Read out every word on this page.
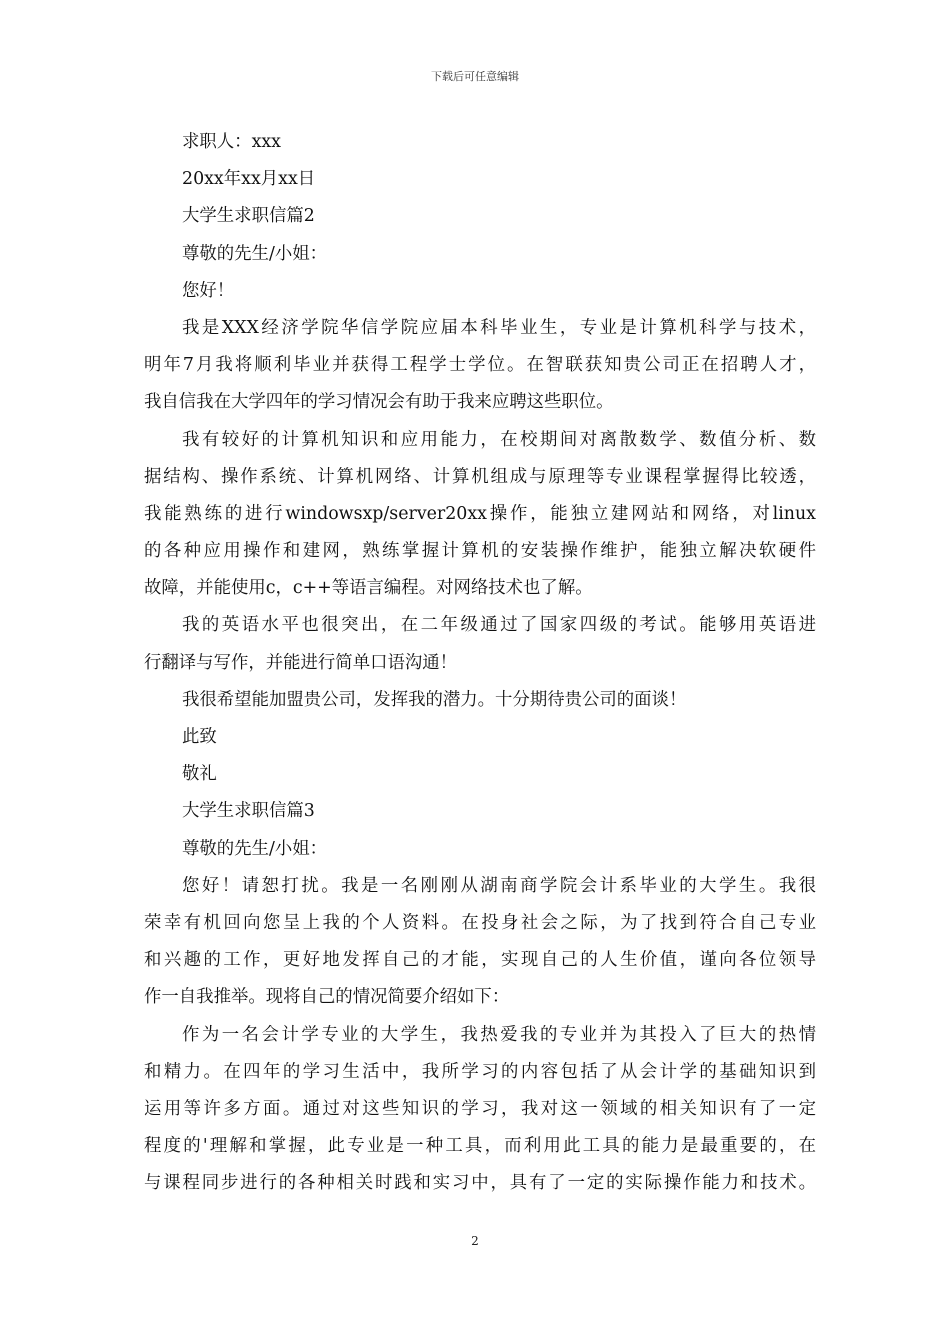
下载后可任意编辑
求职人：xxx
20xx年xx月xx日
大学生求职信篇2
尊敬的先生/小姐：
您好！
我是XXX经济学院华信学院应届本科毕业生，专业是计算机科学与技术，
明年7月我将顺利毕业并获得工程学士学位。在智联获知贵公司正在招聘人才，
我自信我在大学四年的学习情况会有助于我来应聘这些职位。
我有较好的计算机知识和应用能力，在校期间对离散数学、数值分析、数
据结构、操作系统、计算机网络、计算机组成与原理等专业课程掌握得比较透，
我能熟练的进行windowsxp/server20xx操作，能独立建网站和网络，对linux
的各种应用操作和建网，熟练掌握计算机的安装操作维护，能独立解决软硬件
故障，并能使用c，c++等语言编程。对网络技术也了解。
我的英语水平也很突出，在二年级通过了国家四级的考试。能够用英语进
行翻译与写作，并能进行简单口语沟通！
我很希望能加盟贵公司，发挥我的潜力。十分期待贵公司的面谈！
此致
敬礼
大学生求职信篇3
尊敬的先生/小姐：
您好！请恕打扰。我是一名刚刚从湖南商学院会计系毕业的大学生。我很
荣幸有机回向您呈上我的个人资料。在投身社会之际，为了找到符合自己专业
和兴趣的工作，更好地发挥自己的才能，实现自己的人生价值，谨向各位领导
作一自我推举。现将自己的情况简要介绍如下：
作为一名会计学专业的大学生，我热爱我的专业并为其投入了巨大的热情
和精力。在四年的学习生活中，我所学习的内容包括了从会计学的基础知识到
运用等许多方面。通过对这些知识的学习，我对这一领域的相关知识有了一定
程度的'理解和掌握，此专业是一种工具，而利用此工具的能力是最重要的，在
与课程同步进行的各种相关时践和实习中，具有了一定的实际操作能力和技术。
2
